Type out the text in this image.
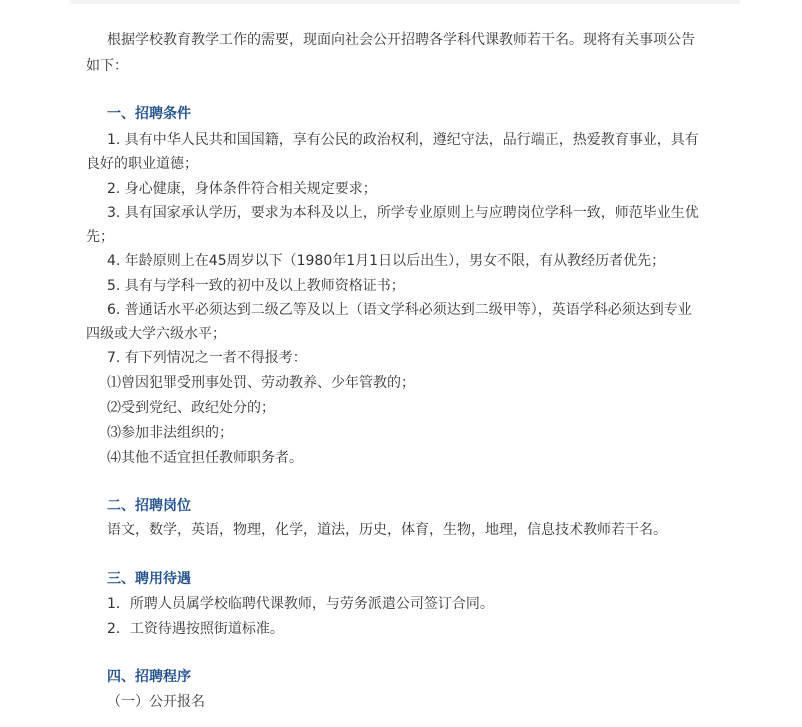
根据学校教育教学工作的需要，现面向社会公开招聘各学科代课教师若干名。现将有关事项公告
如下：
一、招聘条件
1. 具有中华人民共和国国籍，享有公民的政治权利，遵纪守法，品行端正，热爱教育事业，具有
良好的职业道德；
2. 身心健康，身体条件符合相关规定要求；
3. 具有国家承认学历，要求为本科及以上，所学专业原则上与应聘岗位学科一致，师范毕业生优
先；
4. 年龄原则上在45周岁以下（1980年1月1日以后出生），男女不限，有从教经历者优先；
5. 具有与学科一致的初中及以上教师资格证书；
6. 普通话水平必须达到二级乙等及以上（语文学科必须达到二级甲等），英语学科必须达到专业
四级或大学六级水平；
7. 有下列情况之一者不得报考：
⑴曾因犯罪受刑事处罚、劳动教养、少年管教的；
⑵受到党纪、政纪处分的；
⑶参加非法组织的；
⑷其他不适宜担任教师职务者。
二、招聘岗位
语文，数学，英语，物理，化学，道法，历史，体育，生物，地理，信息技术教师若干名。
三、聘用待遇
1．所聘人员属学校临聘代课教师，与劳务派遣公司签订合同。
2．工资待遇按照街道标准。
四、招聘程序
（一）公开报名
